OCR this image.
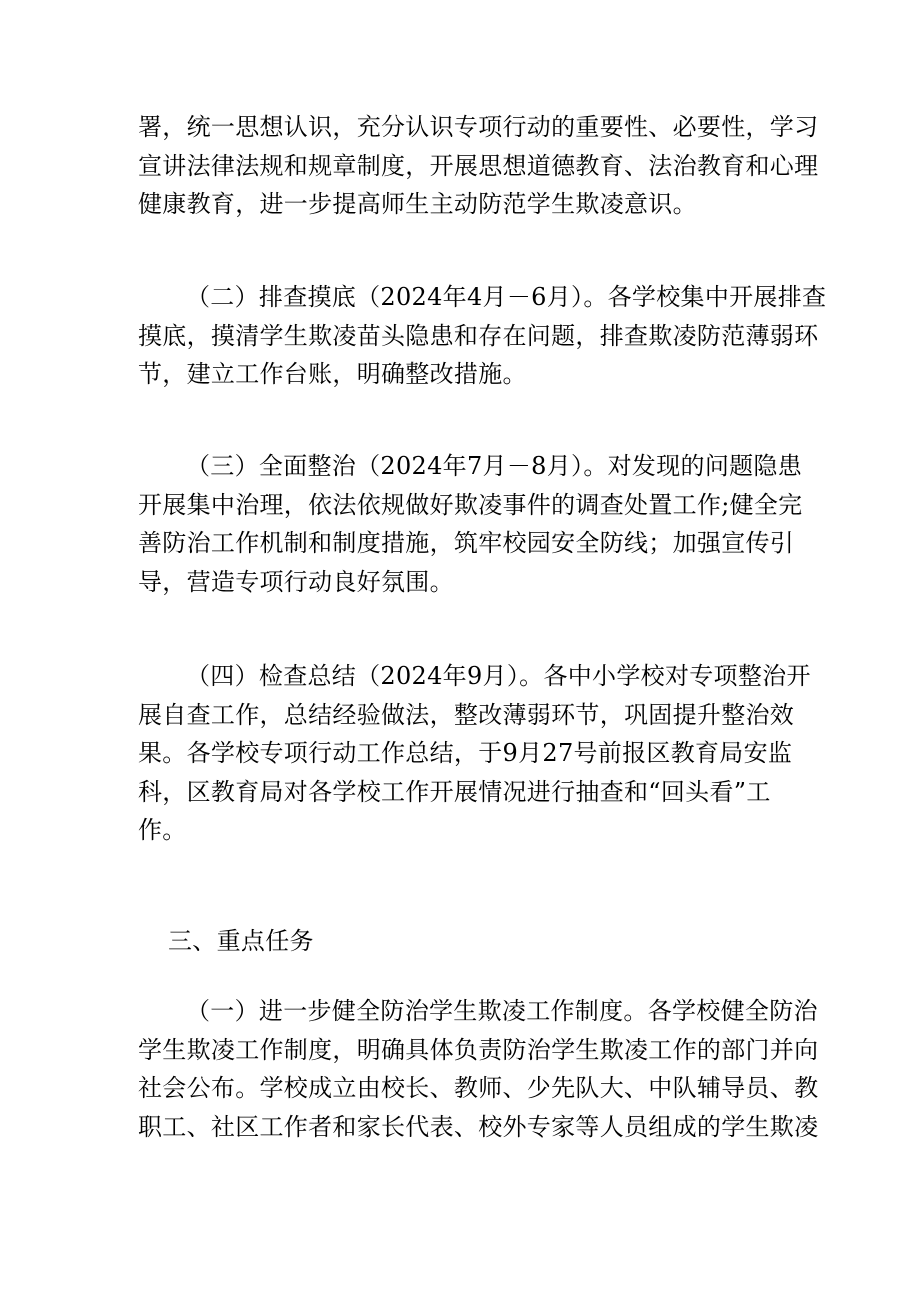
署，统一思想认识，充分认识专项行动的重要性、必要性，学习
宣讲法律法规和规章制度，开展思想道德教育、法治教育和心理
健康教育，进一步提高师生主动防范学生欺凌意识。

（二）排查摸底（2024年4月－6月）。各学校集中开展排查
摸底，摸清学生欺凌苗头隐患和存在问题，排查欺凌防范薄弱环
节，建立工作台账，明确整改措施。

（三）全面整治（2024年7月－8月）。对发现的问题隐患
开展集中治理，依法依规做好欺凌事件的调查处置工作;健全完
善防治工作机制和制度措施，筑牢校园安全防线；加强宣传引
导，营造专项行动良好氛围。

（四）检查总结（2024年9月）。各中小学校对专项整治开
展自查工作，总结经验做法，整改薄弱环节，巩固提升整治效
果。各学校专项行动工作总结，于9月27号前报区教育局安监
科，区教育局对各学校工作开展情况进行抽查和“回头看”工
作。

三、重点任务

（一）进一步健全防治学生欺凌工作制度。各学校健全防治
学生欺凌工作制度，明确具体负责防治学生欺凌工作的部门并向
社会公布。学校成立由校长、教师、少先队大、中队辅导员、教
职工、社区工作者和家长代表、校外专家等人员组成的学生欺凌
